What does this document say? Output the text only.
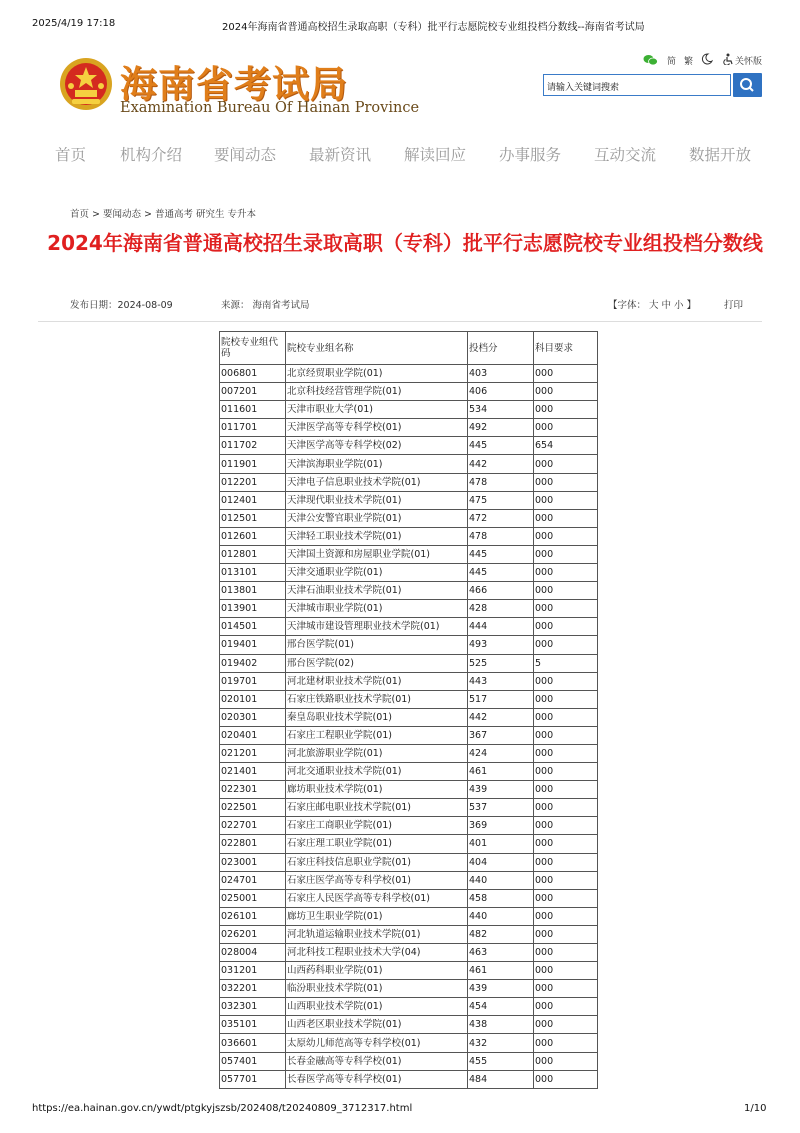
2025/4/19 17:18	2024年海南省普通高校招生录取高职（专科）批平行志愿院校专业组投档分数线--海南省考试局
海南省考试局
Examination Bureau Of Hainan Province
简 繁	关怀版
请输入关键词搜索
首页 机构介绍 要闻动态 最新资讯 解读回应 办事服务 互动交流 数据开放
首页 > 要闻动态 > 普通高考 研究生 专升本
2024年海南省普通高校招生录取高职（专科）批平行志愿院校专业组投档分数线
发布日期：2024-08-09	来源： 海南省考试局	【字体： 大 中 小 】	打印
院校专业组代码	院校专业组名称	投档分	科目要求
006801	北京经贸职业学院(01)	403	000
007201	北京科技经营管理学院(01)	406	000
011601	天津市职业大学(01)	534	000
011701	天津医学高等专科学校(01)	492	000
011702	天津医学高等专科学校(02)	445	654
011901	天津滨海职业学院(01)	442	000
012201	天津电子信息职业技术学院(01)	478	000
012401	天津现代职业技术学院(01)	475	000
012501	天津公安警官职业学院(01)	472	000
012601	天津轻工职业技术学院(01)	478	000
012801	天津国土资源和房屋职业学院(01)	445	000
013101	天津交通职业学院(01)	445	000
013801	天津石油职业技术学院(01)	466	000
013901	天津城市职业学院(01)	428	000
014501	天津城市建设管理职业技术学院(01)	444	000
019401	邢台医学院(01)	493	000
019402	邢台医学院(02)	525	5
019701	河北建材职业技术学院(01)	443	000
020101	石家庄铁路职业技术学院(01)	517	000
020301	秦皇岛职业技术学院(01)	442	000
020401	石家庄工程职业学院(01)	367	000
021201	河北旅游职业学院(01)	424	000
021401	河北交通职业技术学院(01)	461	000
022301	廊坊职业技术学院(01)	439	000
022501	石家庄邮电职业技术学院(01)	537	000
022701	石家庄工商职业学院(01)	369	000
022801	石家庄理工职业学院(01)	401	000
023001	石家庄科技信息职业学院(01)	404	000
024701	石家庄医学高等专科学校(01)	440	000
025001	石家庄人民医学高等专科学校(01)	458	000
026101	廊坊卫生职业学院(01)	440	000
026201	河北轨道运输职业技术学院(01)	482	000
028004	河北科技工程职业技术大学(04)	463	000
031201	山西药科职业学院(01)	461	000
032201	临汾职业技术学院(01)	439	000
032301	山西职业技术学院(01)	454	000
035101	山西老区职业技术学院(01)	438	000
036601	太原幼儿师范高等专科学校(01)	432	000
057401	长春金融高等专科学校(01)	455	000
057701	长春医学高等专科学校(01)	484	000
https://ea.hainan.gov.cn/ywdt/ptgkyjszsb/202408/t20240809_3712317.html	1/10
